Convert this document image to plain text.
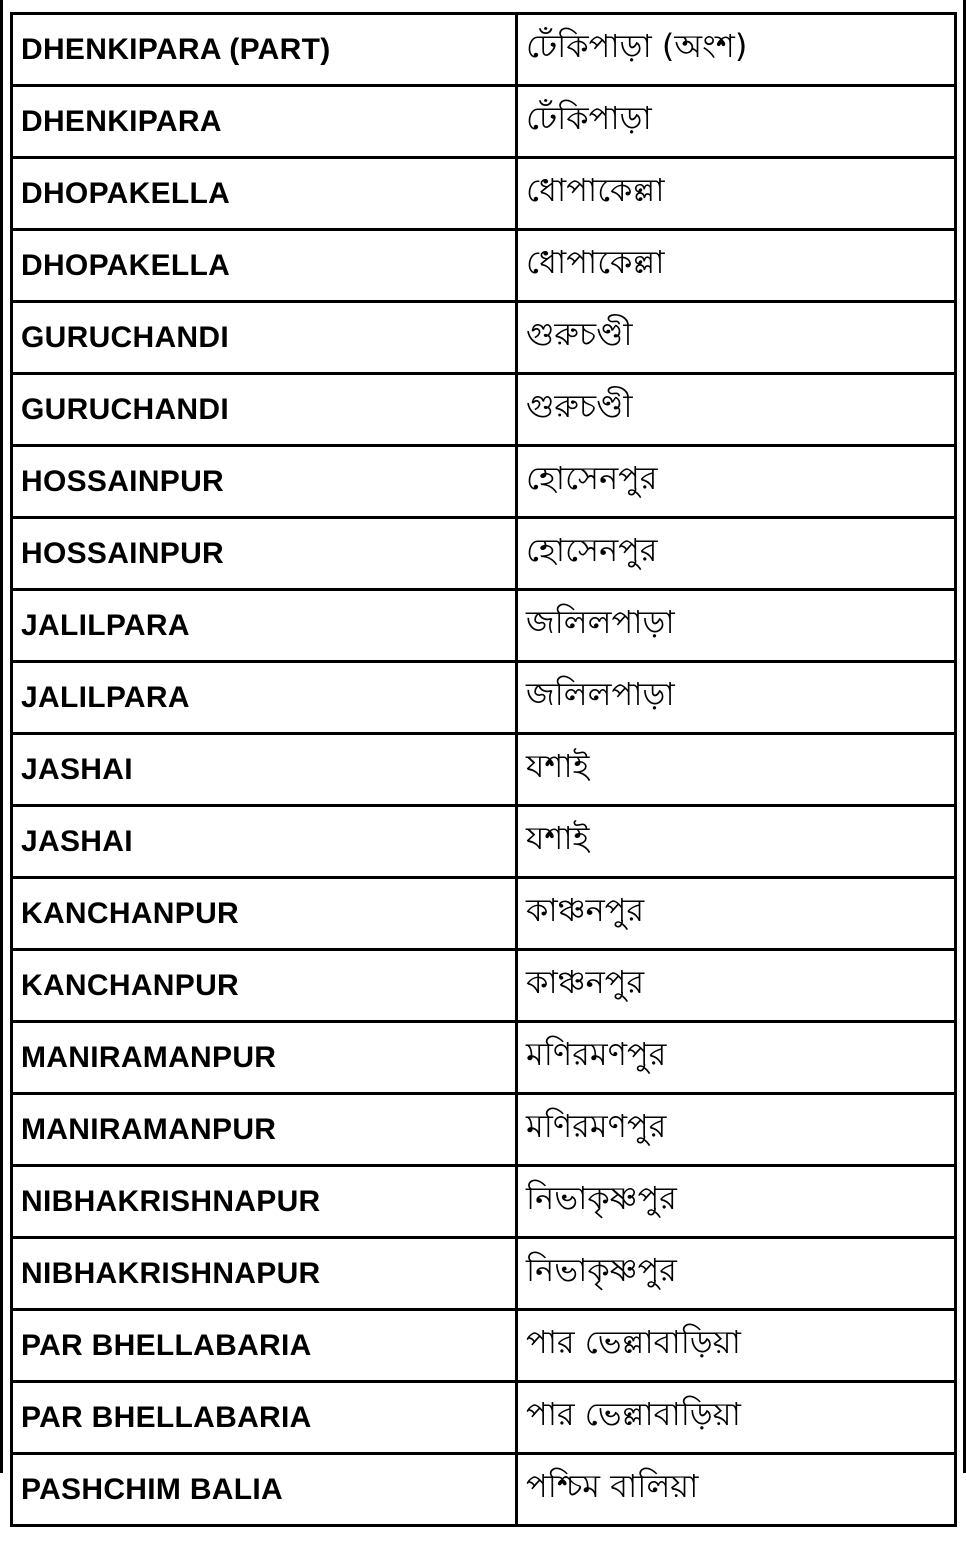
DHENKIPARA (PART)	ঢেঁকিপাড়া (অংশ)
DHENKIPARA	ঢেঁকিপাড়া
DHOPAKELLA	ধোপাকেল্লা
DHOPAKELLA	ধোপাকেল্লা
GURUCHANDI	গুরুচণ্ডী
GURUCHANDI	গুরুচণ্ডী
HOSSAINPUR	হোসেনপুর
HOSSAINPUR	হোসেনপুর
JALILPARA	জলিলপাড়া
JALILPARA	জলিলপাড়া
JASHAI	যশাই
JASHAI	যশাই
KANCHANPUR	কাঞ্চনপুর
KANCHANPUR	কাঞ্চনপুর
MANIRAMANPUR	মণিরমণপুর
MANIRAMANPUR	মণিরমণপুর
NIBHAKRISHNAPUR	নিভাকৃষ্ণপুর
NIBHAKRISHNAPUR	নিভাকৃষ্ণপুর
PAR BHELLABARIA	পার ভেল্লাবাড়িয়া
PAR BHELLABARIA	পার ভেল্লাবাড়িয়া
PASHCHIM BALIA	পশ্চিম বালিয়া
